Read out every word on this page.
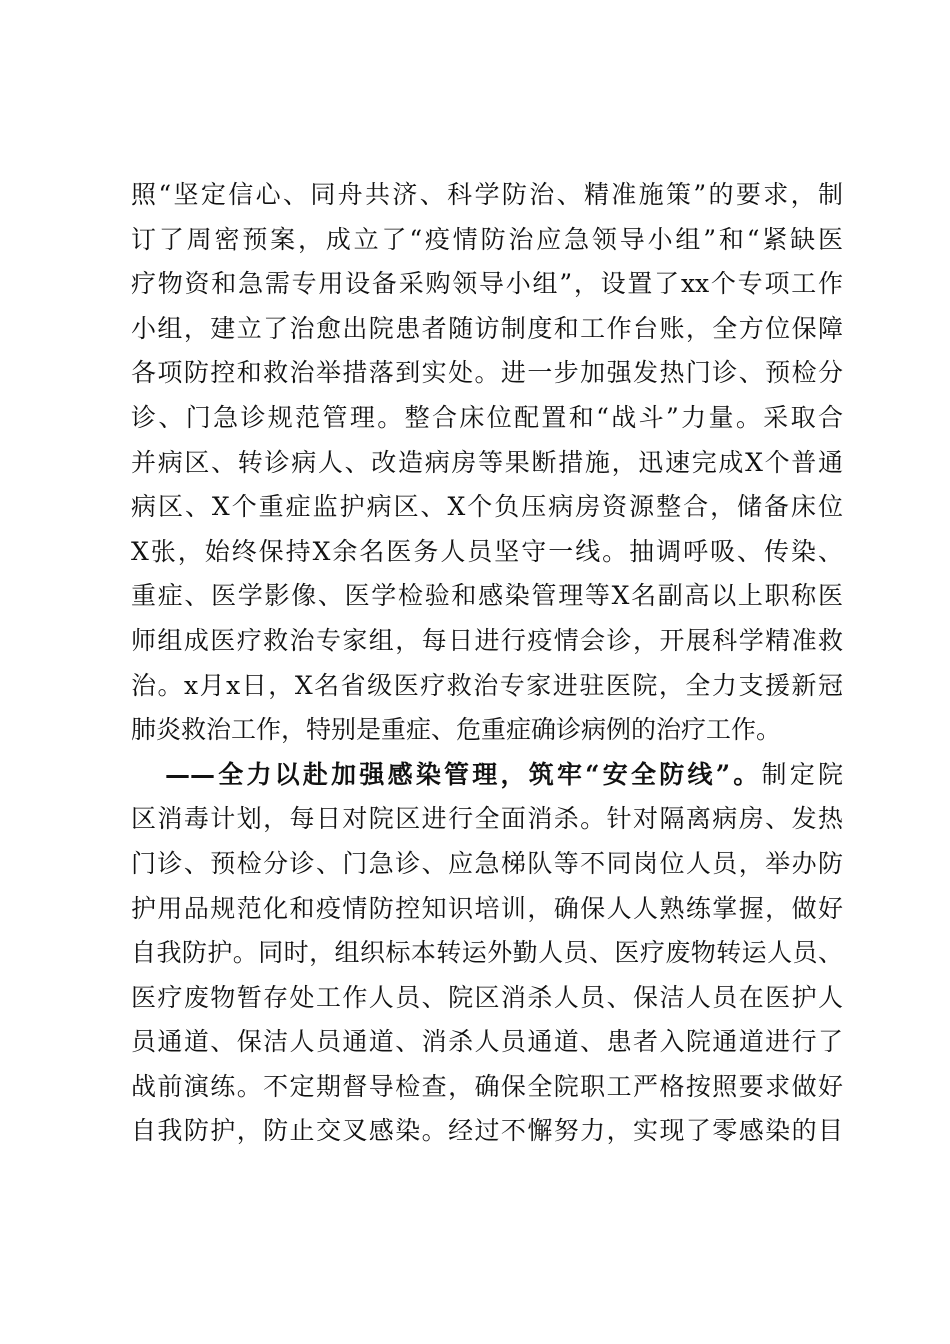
照“坚定信心、同舟共济、科学防治、精准施策”的要求，制
订了周密预案，成立了“疫情防治应急领导小组”和“紧缺医
疗物资和急需专用设备采购领导小组”，设置了xx个专项工作
小组，建立了治愈出院患者随访制度和工作台账，全方位保障
各项防控和救治举措落到实处。进一步加强发热门诊、预检分
诊、门急诊规范管理。整合床位配置和“战斗”力量。采取合
并病区、转诊病人、改造病房等果断措施，迅速完成X个普通
病区、X个重症监护病区、X个负压病房资源整合，储备床位
X张，始终保持X余名医务人员坚守一线。抽调呼吸、传染、
重症、医学影像、医学检验和感染管理等X名副高以上职称医
师组成医疗救治专家组，每日进行疫情会诊，开展科学精准救
治。x月x日，X名省级医疗救治专家进驻医院，全力支援新冠
肺炎救治工作，特别是重症、危重症确诊病例的治疗工作。
——全力以赴加强感染管理，筑牢“安全防线”。制定院
区消毒计划，每日对院区进行全面消杀。针对隔离病房、发热
门诊、预检分诊、门急诊、应急梯队等不同岗位人员，举办防
护用品规范化和疫情防控知识培训，确保人人熟练掌握，做好
自我防护。同时，组织标本转运外勤人员、医疗废物转运人员、
医疗废物暂存处工作人员、院区消杀人员、保洁人员在医护人
员通道、保洁人员通道、消杀人员通道、患者入院通道进行了
战前演练。不定期督导检查，确保全院职工严格按照要求做好
自我防护，防止交叉感染。经过不懈努力，实现了零感染的目
